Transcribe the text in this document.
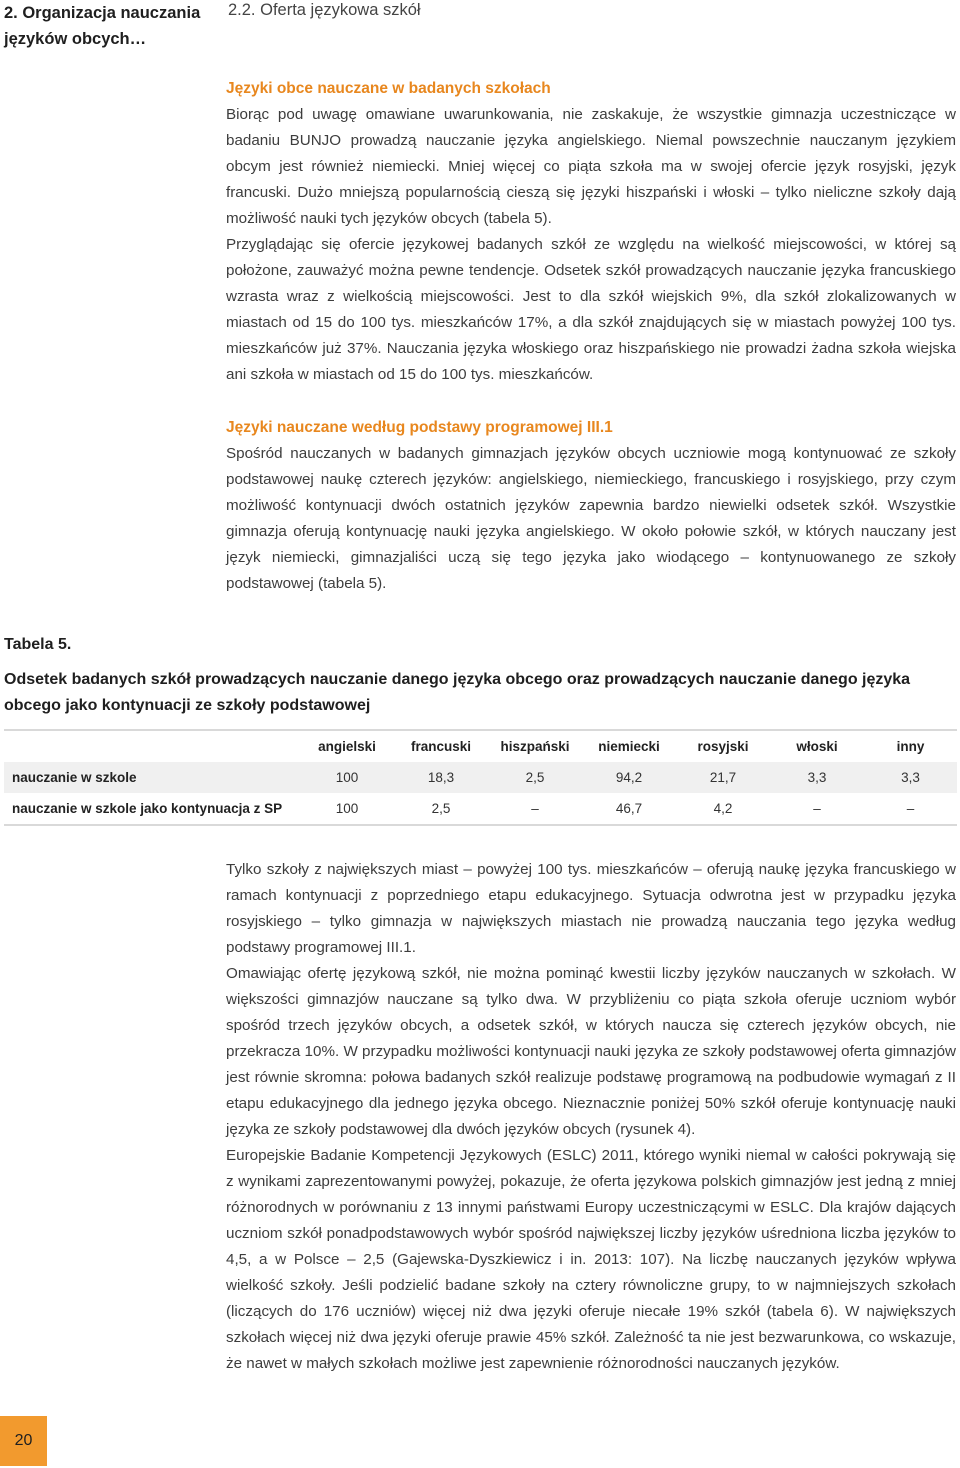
2. Organizacja nauczania języków obcych…
2.2. Oferta językowa szkół
Języki obce nauczane w badanych szkołach

Biorąc pod uwagę omawiane uwarunkowania, nie zaskakuje, że wszystkie gimnazja uczestniczące w badaniu BUNJO prowadzą nauczanie języka angielskiego. Niemal powszechnie nauczanym językiem obcym jest również niemiecki. Mniej więcej co piąta szkoła ma w swojej ofercie język rosyjski, język francuski. Dużo mniejszą popularnością cieszą się języki hiszpański i włoski – tylko nieliczne szkoły dają możliwość nauki tych języków obcych (tabela 5).

Przyglądając się ofercie językowej badanych szkół ze względu na wielkość miejscowości, w której są położone, zauważyć można pewne tendencje. Odsetek szkół prowadzących nauczanie języka francuskiego wzrasta wraz z wielkością miejscowości. Jest to dla szkół wiejskich 9%, dla szkół zlokalizowanych w miastach od 15 do 100 tys. mieszkańców 17%, a dla szkół znajdujących się w miastach powyżej 100 tys. mieszkańców już 37%. Nauczania języka włoskiego oraz hiszpańskiego nie prowadzi żadna szkoła wiejska ani szkoła w miastach od 15 do 100 tys. mieszkańców.

Języki nauczane według podstawy programowej III.1

Spośród nauczanych w badanych gimnazjach języków obcych uczniowie mogą kontynuować ze szkoły podstawowej naukę czterech języków: angielskiego, niemieckiego, francuskiego i rosyjskiego, przy czym możliwość kontynuacji dwóch ostatnich języków zapewnia bardzo niewielki odsetek szkół. Wszystkie gimnazja oferują kontynuację nauki języka angielskiego. W około połowie szkół, w których nauczany jest język niemiecki, gimnazjaliści uczą się tego języka jako wiodącego – kontynuowanego ze szkoły podstawowej (tabela 5).

Tabela 5.
Odsetek badanych szkół prowadzących nauczanie danego języka obcego oraz prowadzących nauczanie danego języka obcego jako kontynuacji ze szkoły podstawowej
	angielski	francuski	hiszpański	niemiecki	rosyjski	włoski	inny
nauczanie w szkole	100	18,3	2,5	94,2	21,7	3,3	3,3
nauczanie w szkole jako kontynuacja z SP	100	2,5	–	46,7	4,2	–	–

Tylko szkoły z największych miast – powyżej 100 tys. mieszkańców – oferują naukę języka francuskiego w ramach kontynuacji z poprzedniego etapu edukacyjnego. Sytuacja odwrotna jest w przypadku języka rosyjskiego – tylko gimnazja w największych miastach nie prowadzą nauczania tego języka według podstawy programowej III.1.

Omawiając ofertę językową szkół, nie można pominąć kwestii liczby języków nauczanych w szkołach. W większości gimnazjów nauczane są tylko dwa. W przybliżeniu co piąta szkoła oferuje uczniom wybór spośród trzech języków obcych, a odsetek szkół, w których naucza się czterech języków obcych, nie przekracza 10%. W przypadku możliwości kontynuacji nauki języka ze szkoły podstawowej oferta gimnazjów jest równie skromna: połowa badanych szkół realizuje podstawę programową na podbudowie wymagań z II etapu edukacyjnego dla jednego języka obcego. Nieznacznie poniżej 50% szkół oferuje kontynuację nauki języka ze szkoły podstawowej dla dwóch języków obcych (rysunek 4).

Europejskie Badanie Kompetencji Językowych (ESLC) 2011, którego wyniki niemal w całości pokrywają się z wynikami zaprezentowanymi powyżej, pokazuje, że oferta językowa polskich gimnazjów jest jedną z mniej różnorodnych w porównaniu z 13 innymi państwami Europy uczestniczącymi w ESLC. Dla krajów dających uczniom szkół ponadpodstawowych wybór spośród największej liczby języków uśredniona liczba języków to 4,5, a w Polsce – 2,5 (Gajewska-Dyszkiewicz i in. 2013: 107). Na liczbę nauczanych języków wpływa wielkość szkoły. Jeśli podzielić badane szkoły na cztery równoliczne grupy, to w najmniejszych szkołach (liczących do 176 uczniów) więcej niż dwa języki oferuje niecałe 19% szkół (tabela 6). W największych szkołach więcej niż dwa języki oferuje prawie 45% szkół. Zależność ta nie jest bezwarunkowa, co wskazuje, że nawet w małych szkołach możliwe jest zapewnienie różnorodności nauczanych języków.

20
